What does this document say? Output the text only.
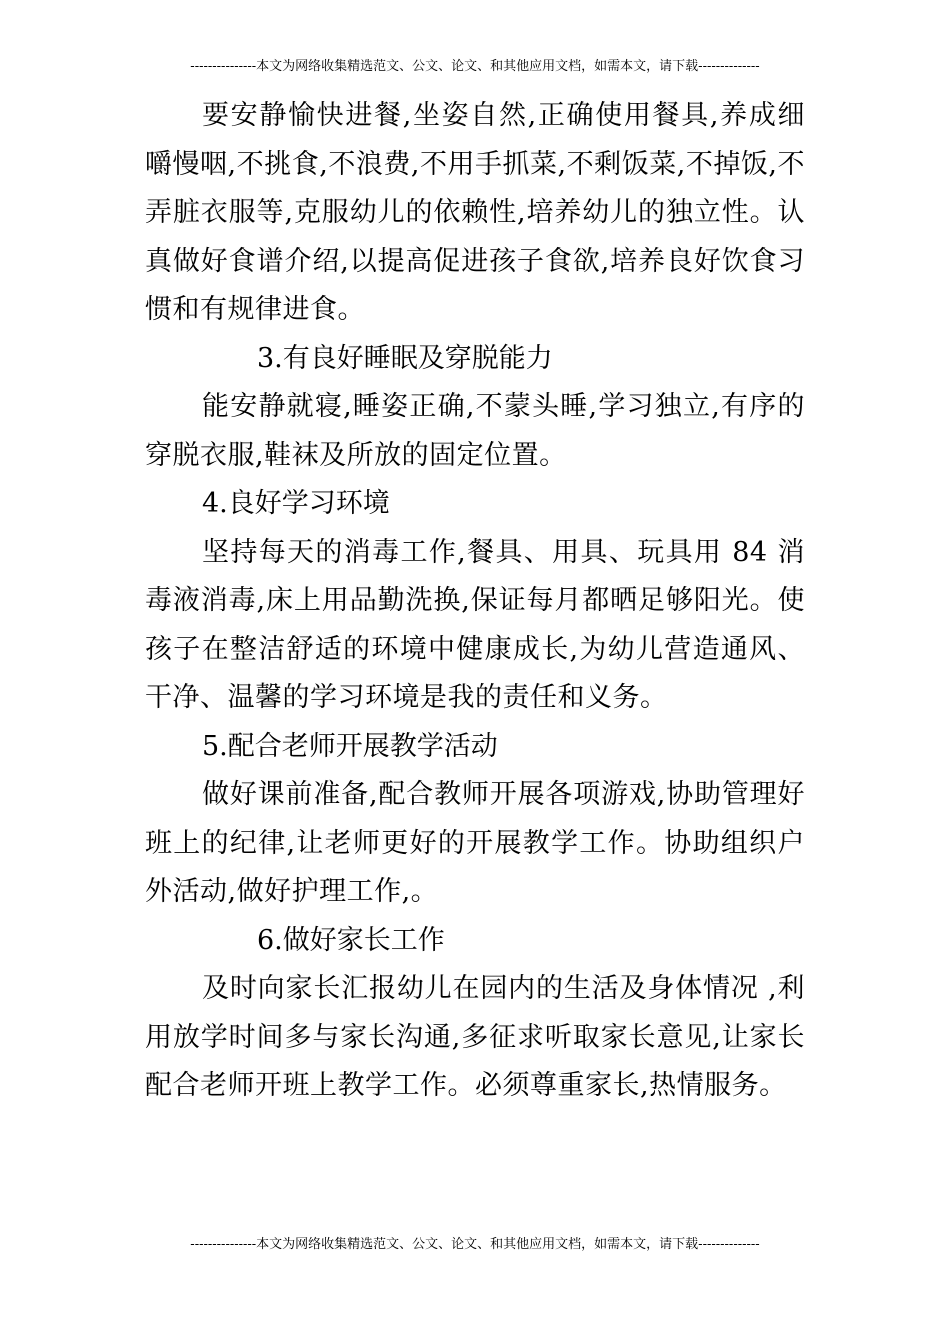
---------------本文为网络收集精选范文、公文、论文、和其他应用文档，如需本文，请下载--------------

要安静愉快进餐,坐姿自然,正确使用餐具,养成细嚼慢咽,不挑食,不浪费,不用手抓菜,不剩饭菜,不掉饭,不弄脏衣服等,克服幼儿的依赖性,培养幼儿的独立性。认真做好食谱介绍,以提高促进孩子食欲,培养良好饮食习惯和有规律进食。

3.有良好睡眠及穿脱能力

能安静就寝,睡姿正确,不蒙头睡,学习独立,有序的穿脱衣服,鞋袜及所放的固定位置。

4.良好学习环境

坚持每天的消毒工作,餐具、用具、玩具用 84 消毒液消毒,床上用品勤洗换,保证每月都晒足够阳光。使孩子在整洁舒适的环境中健康成长,为幼儿营造通风、干净、温馨的学习环境是我的责任和义务。

5.配合老师开展教学活动

做好课前准备,配合教师开展各项游戏,协助管理好班上的纪律,让老师更好的开展教学工作。协助组织户外活动,做好护理工作,。

6.做好家长工作

及时向家长汇报幼儿在园内的生活及身体情况 ,利用放学时间多与家长沟通,多征求听取家长意见,让家长配合老师开班上教学工作。必须尊重家长,热情服务。

---------------本文为网络收集精选范文、公文、论文、和其他应用文档，如需本文，请下载--------------
